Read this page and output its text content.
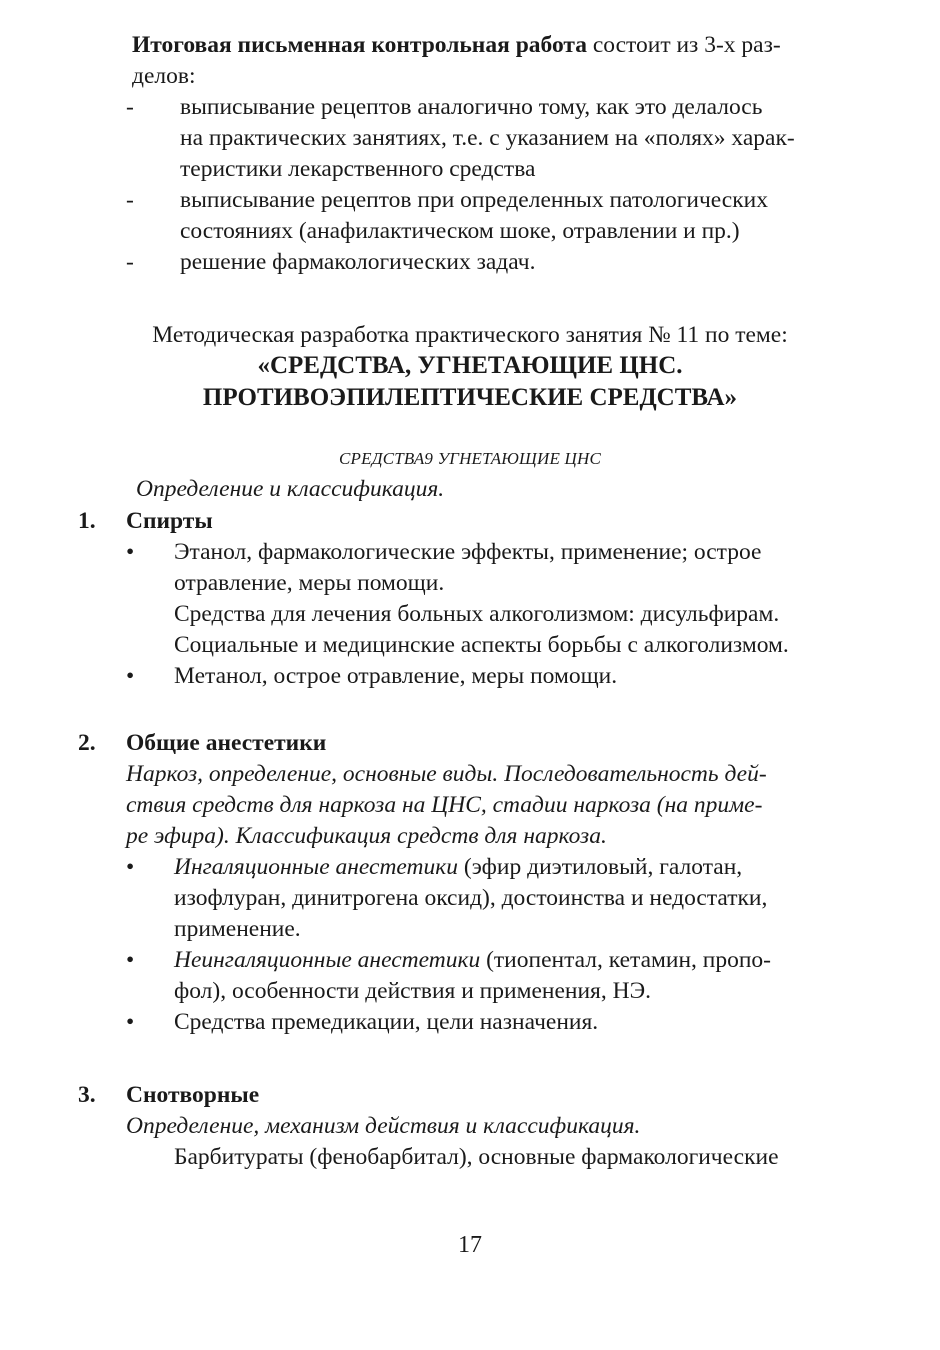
Итоговая письменная контрольная работа состоит из 3-х раз-
делов:

- выписывание рецептов аналогично тому, как это делалось
на практических занятиях, т.е. с указанием на «полях» харак-
теристики лекарственного средства
- выписывание рецептов при определенных патологических
состояниях (анафилактическом шоке, отравлении и пр.)
- решение фармакологических задач.
Методическая разработка практического занятия № 11 по теме:
«СРЕДСТВА, УГНЕТАЮЩИЕ ЦНС.
ПРОТИВОЭПИЛЕПТИЧЕСКИЕ СРЕДСТВА»
СРЕДСТВА9 УГНЕТАЮЩИЕ ЦНС
Определение и классификация.
1.	Спирты
• Этанол, фармакологические эффекты, применение; острое
отравление, меры помощи.
Средства для лечения больных алкоголизмом: дисульфирам.
Социальные и медицинские аспекты борьбы с алкоголизмом.
• Метанол, острое отравление, меры помощи.
2.	Общие анестетики
Наркоз, определение, основные виды. Последовательность дей-
ствия средств для наркоза на ЦНС, стадии наркоза (на приме-
ре эфира). Классификация средств для наркоза.
• Ингаляционные анестетики (эфир диэтиловый, галотан,
изофлуран, динитрогена оксид), достоинства и недостатки,
применение.
• Неингаляционные анестетики (тиопентал, кетамин, пропо-
фол), особенности действия и применения, НЭ.
• Средства премедикации, цели назначения.
3.	Снотворные
Определение, механизм действия и классификация.
Барбитураты (фенобарбитал), основные фармакологические
17
